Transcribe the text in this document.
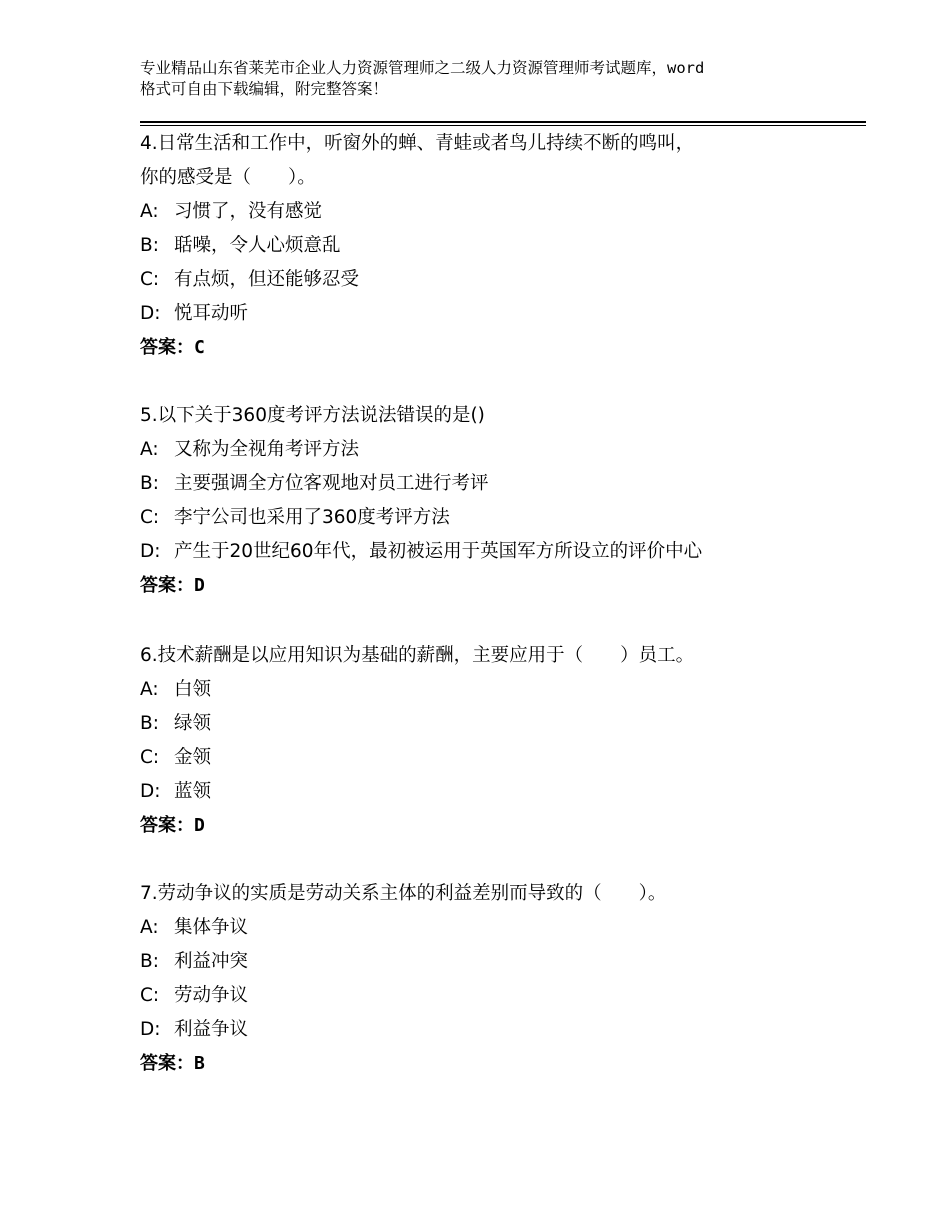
专业精品山东省莱芜市企业人力资源管理师之二级人力资源管理师考试题库，word
格式可自由下载编辑，附完整答案！
4.日常生活和工作中，听窗外的蝉、青蛙或者鸟儿持续不断的鸣叫，
你的感受是（　　）。
A: 习惯了，没有感觉
B: 聒噪，令人心烦意乱
C: 有点烦，但还能够忍受
D: 悦耳动听
答案：C
5.以下关于360度考评方法说法错误的是()
A: 又称为全视角考评方法
B: 主要强调全方位客观地对员工进行考评
C: 李宁公司也采用了360度考评方法
D: 产生于20世纪60年代，最初被运用于英国军方所设立的评价中心
答案：D
6.技术薪酬是以应用知识为基础的薪酬，主要应用于（　　）员工。
A: 白领
B: 绿领
C: 金领
D: 蓝领
答案：D
7.劳动争议的实质是劳动关系主体的利益差别而导致的（　　）。
A: 集体争议
B: 利益冲突
C: 劳动争议
D: 利益争议
答案：B
